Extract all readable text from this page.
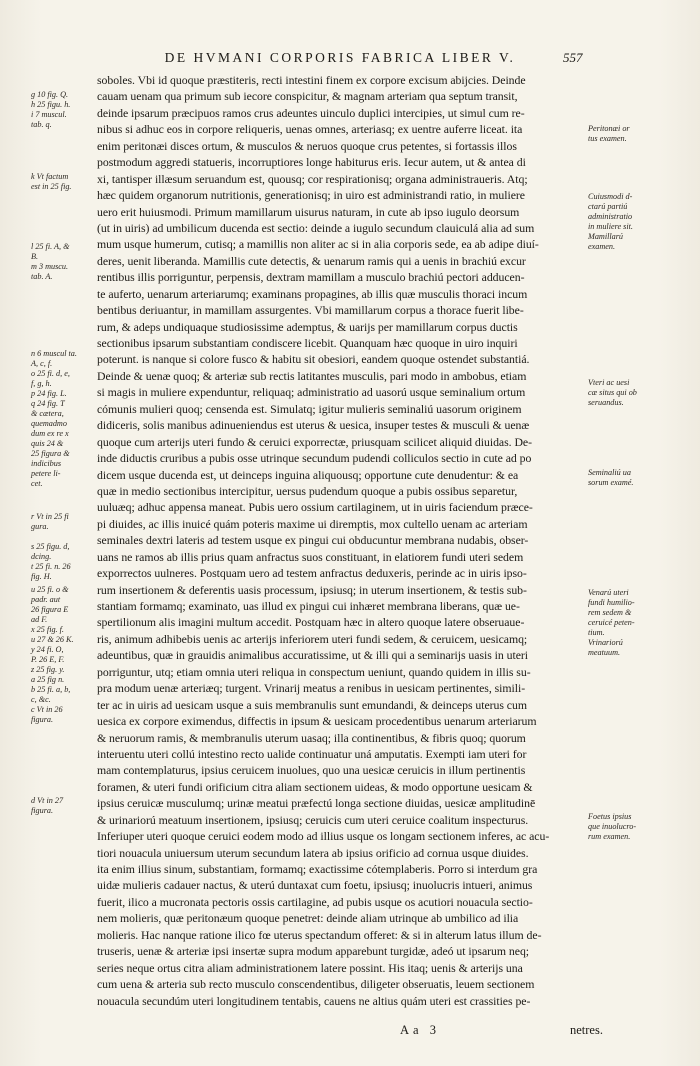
DE HVMANI CORPORIS FABRICA LIBER V.	557
soboles. Vbi id quoque præstiteris, recti intestini finem ex corpore excisum abijcies. Deinde
cauam uenam qua primum sub iecore conspicitur, & magnam arteriam qua septum transit,
deinde ipsarum præcipuos ramos crus adeuntes uinculo duplici intercipies, ut simul cum re-
nibus si adhuc eos in corpore reliqueris, uenas omnes, arteriasq; ex uentre auferre liceat. ita
enim peritonæi disces ortum, & musculos & neruos quoque crus petentes, si fortassis illos
postmodum aggredi statueris, incorruptiores longe habiturus eris. Iecur autem, ut & antea di
xi, tantisper illæsum seruandum est, quousq; cor respirationisq; organa administraueris. Atq;
hæc quidem organorum nutritionis, generationisq; in uiro est administrandi ratio, in muliere
uero erit huiusmodi. Primum mamillarum uisurus naturam, in cute ab ipso iugulo deorsum
(ut in uiris) ad umbilicum ducenda est sectio: deinde a iugulo secundum clauiculá alia ad sum
mum usque humerum, cutisq; a mamillis non aliter ac si in alia corporis sede, ea ab adipe diuí-
deres, uenit liberanda. Mamillis cute detectis, & uenarum ramis qui a uenis in brachiú excur
rentibus illis porriguntur, perpensis, dextram mamillam a musculo brachiú pectori adducen-
te auferto, uenarum arteriarumq; examinans propagines, ab illis quæ musculis thoraci incum
bentibus deriuantur, in mamillam assurgentes. Vbi mamillarum corpus a thorace fuerit libe-
rum, & adeps undiquaque studiosissime ademptus, & uarijs per mamillarum corpus ductis
sectionibus ipsarum substantiam condiscere licebit. Quanquam hæc quoque in uiro inquiri
poterunt. is nanque si colore fusco & habitu sit obesiori, eandem quoque ostendet substantiá.
Deinde & uenæ quoq; & arteriæ sub rectis latitantes musculis, pari modo in ambobus, etiam
si magis in muliere expenduntur, reliquaq; administratio ad uasorú usque seminalium ortum
cómunis mulieri quoq; censenda est. Simulatq; igitur mulieris seminaliú uasorum originem
didiceris, solis manibus adinueniendus est uterus & uesica, insuper testes & musculi & uenæ
quoque cum arterijs uteri fundo & ceruici exporrectæ, priusquam scilicet aliquid diuidas. De-
inde diductis cruribus a pubis osse utrinque secundum pudendi colliculos sectio in cute ad po
dicem usque ducenda est, ut deinceps inguina aliquousq; opportune cute denudentur: & ea
quæ in medio sectionibus intercipitur, uersus pudendum quoque a pubis ossibus separetur,
uuluæq; adhuc appensa maneat. Pubis uero ossium cartilaginem, ut in uiris faciendum præce-
pi diuides, ac illis inuicé quám poteris maxime ui diremptis, mox cultello uenam ac arteriam
seminales dextri lateris ad testem usque ex pingui cui obducuntur membrana nudabis, obser-
uans ne ramos ab illis prius quam anfractus suos constituant, in elatiorem fundi uteri sedem
exporrectos uulneres. Postquam uero ad testem anfractus deduxeris, perinde ac in uiris ipso-
rum insertionem & deferentis uasis processum, ipsiusq; in uterum insertionem, & testis sub-
stantiam formamq; examinato, uas illud ex pingui cui inhæret membrana liberans, quæ ue-
spertilionum alis imagini multum accedit. Postquam hæc in altero quoque latere obseruaue-
ris, animum adhibebis uenis ac arterijs inferiorem uteri fundi sedem, & ceruicem, uesicamq;
adeuntibus, quæ in grauidis animalibus accuratissime, ut & illi qui a seminarijs uasis in uteri
porriguntur, utq; etiam omnia uteri reliqua in conspectum ueniunt, quando quidem in illis su-
pra modum uenæ arteriæq; turgent. Vrinarij meatus a renibus in uesicam pertinentes, simili-
ter ac in uiris ad uesicam usque a suis membranulis sunt emundandi, & deinceps uterus cum
uesica ex corpore eximendus, diffectis in ipsum & uesicam procedentibus uenarum arteriarum
& neruorum ramis, & membranulis uterum uasaq; illa continentibus, & fibris quoq; quorum
interuentu uteri collú intestino recto ualide continuatur uná amputatis. Exempti iam uteri for
mam contemplaturus, ipsius ceruicem inuolues, quo una uesicæ ceruicis in illum pertinentis
foramen, & uteri fundi orificium citra aliam sectionem uideas, & modo opportune uesicam &
ipsius ceruicæ musculumq; urinæ meatui præfectú longa sectione diuidas, uesicæ amplitudinē
& urinariorú meatuum insertionem, ipsiusq; ceruicis cum uteri ceruice coalitum inspecturus.
Inferiuper uteri quoque ceruici eodem modo ad illius usque os longam sectionem inferes, ac acu-
tiori nouacula uniuersum uterum secundum latera ab ipsius orificio ad cornua usque diuides.
ita enim illius sinum, substantiam, formamq; exactissime cótemplaberis. Porro si interdum gra
uidæ mulieris cadauer nactus, & uterú duntaxat cum foetu, ipsiusq; inuolucris intueri, animus
fuerit, ilico a mucronata pectoris ossis cartilagine, ad pubis usque os acutiori nouacula sectio-
nem molieris, quæ peritonæum quoque penetret: deinde aliam utrinque ab umbilico ad ilia
molieris. Hac nanque ratione ilico fœ uterus spectandum offeret: & si in alterum latus illum de-
truseris, uenæ & arteriæ ipsi insertæ supra modum apparebunt turgidæ, adeó ut ipsarum neq;
series neque ortus citra aliam administrationem latere possint. His itaq; uenis & arterijs una
cum uena & arteria sub recto musculo conscendentibus, diligeter obseruatis, leuem sectionem
nouacula secundúm uteri longitudinem tentabis, cauens ne altius quám uteri est crassities pe-
g 10 fig. Q.
h 25 figu. h.
i 7 muscul.
tab. q.
k Vt factum
est in 25 fig.
l 25 fi. A, &
B.
m 3 muscu.
tab. A.
n 6 muscul ta.
A, c, f.
o 25 fi. d, e,
f, g, h.
p 24 fig. L.
q 24 fig. T
& cætera,
quemadmo
dum ex re x
quis 24 &
25 figura &
indicibus
petere li-
cet.
r Vt in 25 fi
gura.
s 25 figu. d,
dcing.
t 25 fi. n. 26
fig. H.
u 25 fi. o &
padr. aut
26 figura E
ad F.
x 25 fig. f.
u 27 & 26 K.
y 24 fi. O,
P. 26 E, F.
z 25 fig. y.
a 25 fig n.
b 25 fi. a, b,
c, &c.
c Vt in 26
figura.
d Vt in 27
figura.
Peritonæi or
tus examen.
Cuiusmodi d-
ctarú partiú
administratio
in muliere sit.
Mamillarú
examen.
Vteri ac uesi
cæ situs qui ob
seruandus.
Seminaliú ua
sorum examé.
Venarú uteri
fundi humilio-
rem sedem &
ceruicé peten-
tium.
Vrinariorú
meatuum.
Foetus ipsius
que inuolucro-
rum examen.
Aa 3	netres.
